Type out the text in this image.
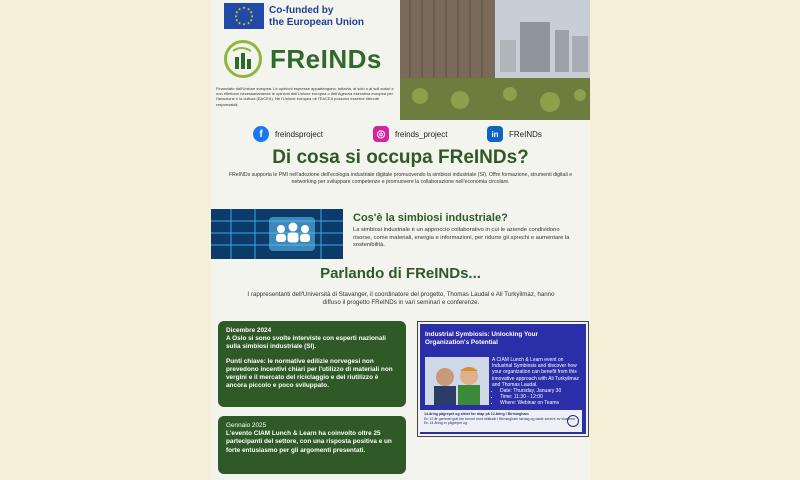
★ ★
★
★
★
★
★
★
★
★
★
★	Co-funded by
the European Union
FReINDs
Finanziato dall'Unione europea. Le opinioni espresse appartengono, tuttavia, al solo o ai soli autori e non riflettono necessariamente le opinioni dell'Unione europea o dell'Agenzia esecutiva europea per l'istruzione e la cultura (EACEA). Né l'Unione europea né l'EACEA possono esserne ritenute responsabili.
f	freindsproject	◎	freinds_project	in	FReINDs
Di cosa si occupa FReINDs?
FReINDs supporta le PMI nell'adozione dell'ecologia industriale digitale promuovendo la simbiosi industriale (SI). Offre formazione, strumenti digitali e networking per sviluppare competenze e promuovere la collaborazione nell'economia circolare.
Cos'è la simbiosi industriale?
La simbiosi industriale è un approccio collaborativo in cui le aziende condividono risorse, come materiali, energia e informazioni, per ridurre gli sprechi e aumentare la sostenibilità.
Parlando di FReINDs...
I rappresentanti dell'Università di Stavanger, il coordinatore del progetto, Thomas Laudal e Ali Turkyilmaz, hanno diffuso il progetto FReINDs in vari seminari e conferenze.
Dicembre 2024
A Oslo si sono svolte interviste con esperti nazionali sulla simbiosi industriale (SI).
Punti chiave: le normative edilizie norvegesi non prevedono incentivi chiari per l'utilizzo di materiali non vergini e il mercato del riciclaggio e del riutilizzo è ancora piccolo e poco sviluppato.
Gennaio 2025
L'evento CIAM Lunch & Learn ha coinvolto oltre 25 partecipanti del settore, con una risposta positiva e un forte entusiasmo per gli argomenti presentati.
Industrial Symbiosis: Unlocking Your Organization's Potential
A CIAM Lunch & Learn event on Industrial Symbiosis and discover how your organization can benefit from this innovative approach with Ali Turkyilmaz and Thomas Laudal.
• Date: Thursday, January 30
• Time: 11:30 - 12:00
• Where: Webinar on Teams
14-åring pågrepet og siktet for drap på 12-åring i Birmingham
En 12 år gammel gutt ble funnet med stikksår i Birmingham lørdag og døde senere av skadene. En 14-åring er pågrepet og
